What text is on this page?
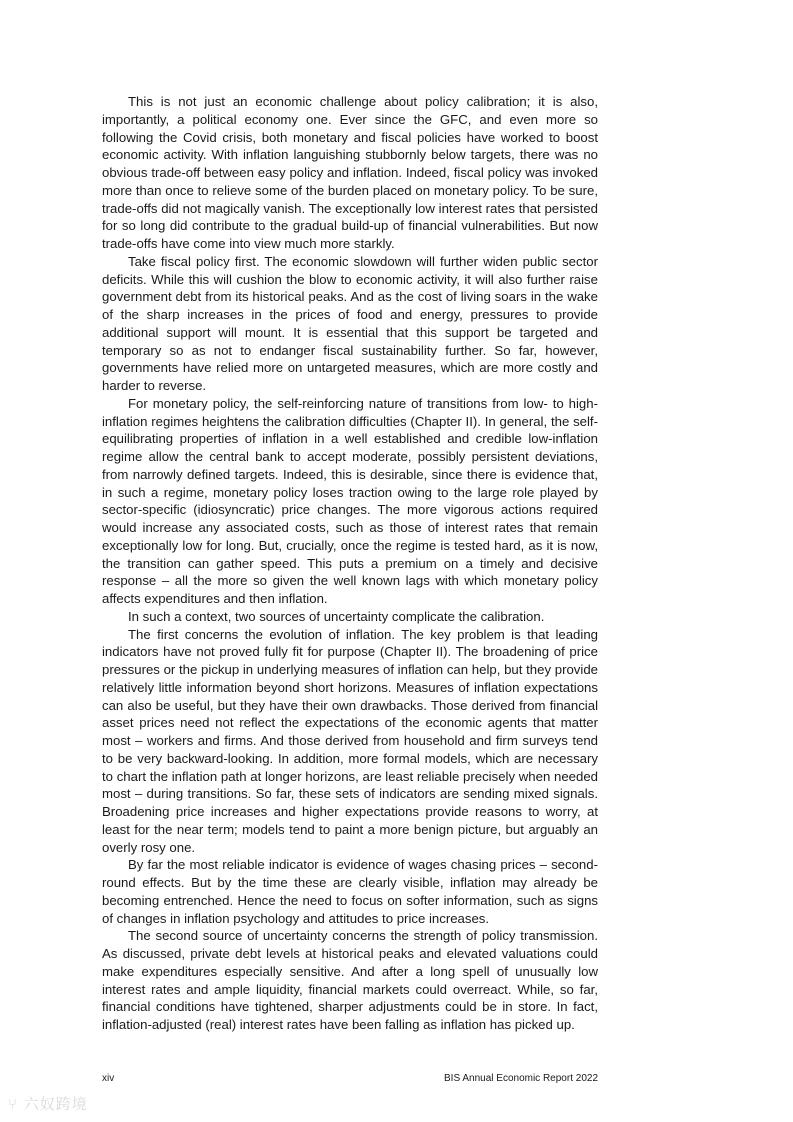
This is not just an economic challenge about policy calibration; it is also, importantly, a political economy one. Ever since the GFC, and even more so following the Covid crisis, both monetary and fiscal policies have worked to boost economic activity. With inflation languishing stubbornly below targets, there was no obvious trade-off between easy policy and inflation. Indeed, fiscal policy was invoked more than once to relieve some of the burden placed on monetary policy. To be sure, trade-offs did not magically vanish. The exceptionally low interest rates that persisted for so long did contribute to the gradual build-up of financial vulnerabilities. But now trade-offs have come into view much more starkly.

Take fiscal policy first. The economic slowdown will further widen public sector deficits. While this will cushion the blow to economic activity, it will also further raise government debt from its historical peaks. And as the cost of living soars in the wake of the sharp increases in the prices of food and energy, pressures to provide additional support will mount. It is essential that this support be targeted and temporary so as not to endanger fiscal sustainability further. So far, however, governments have relied more on untargeted measures, which are more costly and harder to reverse.

For monetary policy, the self-reinforcing nature of transitions from low- to high-inflation regimes heightens the calibration difficulties (Chapter II). In general, the self-equilibrating properties of inflation in a well established and credible low-inflation regime allow the central bank to accept moderate, possibly persistent deviations, from narrowly defined targets. Indeed, this is desirable, since there is evidence that, in such a regime, monetary policy loses traction owing to the large role played by sector-specific (idiosyncratic) price changes. The more vigorous actions required would increase any associated costs, such as those of interest rates that remain exceptionally low for long. But, crucially, once the regime is tested hard, as it is now, the transition can gather speed. This puts a premium on a timely and decisive response – all the more so given the well known lags with which monetary policy affects expenditures and then inflation.

In such a context, two sources of uncertainty complicate the calibration.

The first concerns the evolution of inflation. The key problem is that leading indicators have not proved fully fit for purpose (Chapter II). The broadening of price pressures or the pickup in underlying measures of inflation can help, but they provide relatively little information beyond short horizons. Measures of inflation expectations can also be useful, but they have their own drawbacks. Those derived from financial asset prices need not reflect the expectations of the economic agents that matter most – workers and firms. And those derived from household and firm surveys tend to be very backward-looking. In addition, more formal models, which are necessary to chart the inflation path at longer horizons, are least reliable precisely when needed most – during transitions. So far, these sets of indicators are sending mixed signals. Broadening price increases and higher expectations provide reasons to worry, at least for the near term; models tend to paint a more benign picture, but arguably an overly rosy one.

By far the most reliable indicator is evidence of wages chasing prices – second-round effects. But by the time these are clearly visible, inflation may already be becoming entrenched. Hence the need to focus on softer information, such as signs of changes in inflation psychology and attitudes to price increases.

The second source of uncertainty concerns the strength of policy transmission. As discussed, private debt levels at historical peaks and elevated valuations could make expenditures especially sensitive. And after a long spell of unusually low interest rates and ample liquidity, financial markets could overreact. While, so far, financial conditions have tightened, sharper adjustments could be in store. In fact, inflation-adjusted (real) interest rates have been falling as inflation has picked up.

xiv	BIS Annual Economic Report 2022
⑂ 六奴跨境
